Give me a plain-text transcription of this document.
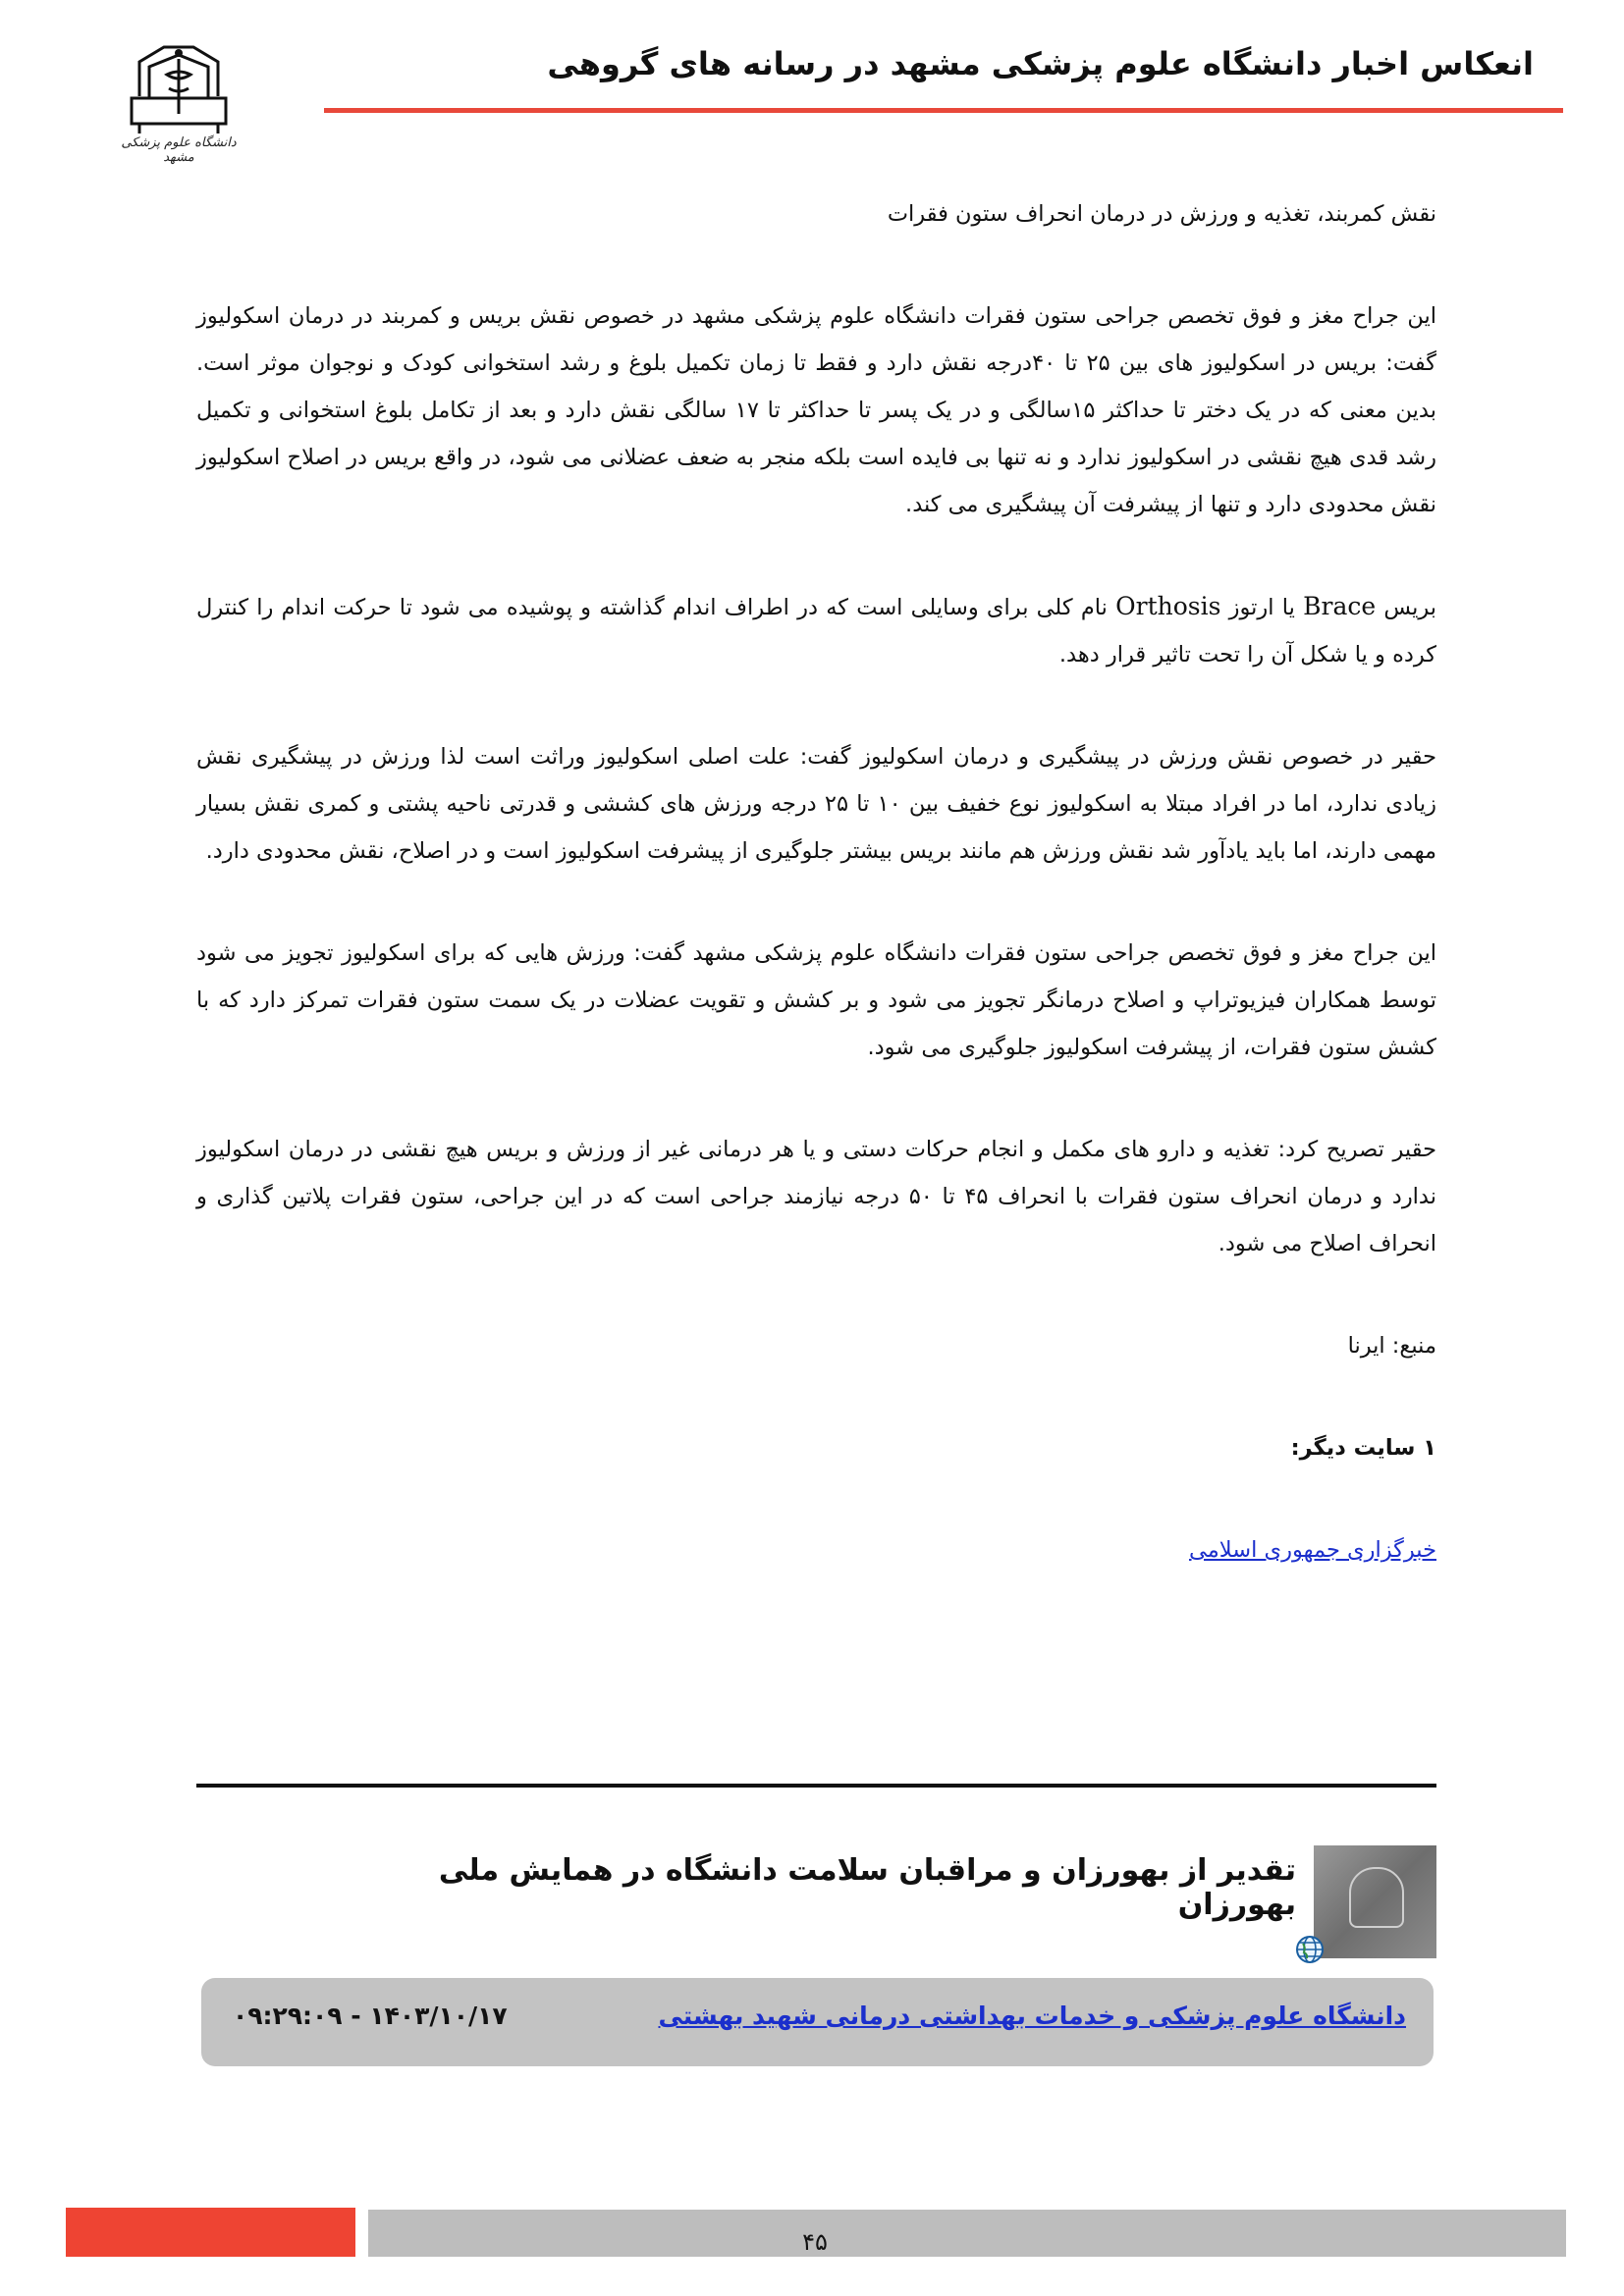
دانشگاه علوم پزشکی مشهد
انعکاس اخبار دانشگاه علوم پزشکی مشهد در رسانه های گروهی

نقش کمربند، تغذیه و ورزش در درمان انحراف ستون فقرات

این جراح مغز و فوق تخصص جراحی ستون فقرات دانشگاه علوم پزشکی مشهد در خصوص نقش بریس و کمربند در درمان اسکولیوز گفت: بریس در اسکولیوز های بین ۲۵ تا ۴۰درجه نقش دارد و فقط تا زمان تکمیل بلوغ و رشد استخوانی کودک و نوجوان موثر است. بدین معنی که در یک دختر تا حداکثر ۱۵سالگی و در یک پسر تا حداکثر تا ۱۷ سالگی نقش دارد و بعد از تکامل بلوغ استخوانی و تکمیل رشد قدی هیچ نقشی در اسکولیوز ندارد و نه تنها بی فایده است بلکه منجر به ضعف عضلانی می شود، در واقع بریس در اصلاح اسکولیوز نقش محدودی دارد و تنها از پیشرفت آن پیشگیری می کند.

بریس Brace یا ارتوز Orthosis نام کلی برای وسایلی است که در اطراف اندام گذاشته و پوشیده می شود تا حرکت اندام را کنترل کرده و یا شکل آن را تحت تاثیر قرار دهد.

حقیر در خصوص نقش ورزش در پیشگیری و درمان اسکولیوز گفت: علت اصلی اسکولیوز وراثت است لذا ورزش در پیشگیری نقش زیادی ندارد، اما در افراد مبتلا به اسکولیوز نوع خفیف بین ۱۰ تا ۲۵ درجه ورزش های کششی و قدرتی ناحیه پشتی و کمری نقش بسیار مهمی دارند، اما باید یادآور شد نقش ورزش هم مانند بریس بیشتر جلوگیری از پیشرفت اسکولیوز است و در اصلاح، نقش محدودی دارد.

این جراح مغز و فوق تخصص جراحی ستون فقرات دانشگاه علوم پزشکی مشهد گفت: ورزش هایی که برای اسکولیوز تجویز می شود توسط همکاران فیزیوتراپ و اصلاح درمانگر تجویز می شود و بر کشش و تقویت عضلات در یک سمت ستون فقرات تمرکز دارد که با کشش ستون فقرات، از پیشرفت اسکولیوز جلوگیری می شود.

حقیر تصریح کرد: تغذیه و دارو های مکمل و انجام حرکات دستی و یا هر درمانی غیر از ورزش و بریس هیچ نقشی در درمان اسکولیوز ندارد و درمان انحراف ستون فقرات با انحراف ۴۵ تا ۵۰ درجه نیازمند جراحی است که در این جراحی، ستون فقرات پلاتین گذاری و انحراف اصلاح می شود.

منبع: ایرنا

۱ سایت دیگر:

خبرگزاری جمهوری اسلامی

تقدیر از بهورزان و مراقبان سلامت دانشگاه در همایش ملی بهورزان
دانشگاه علوم پزشکی و خدمات بهداشتی درمانی شهید بهشتی
۱۴۰۳/۱۰/۱۷ - ۰۹:۲۹:۰۹
۴۵
